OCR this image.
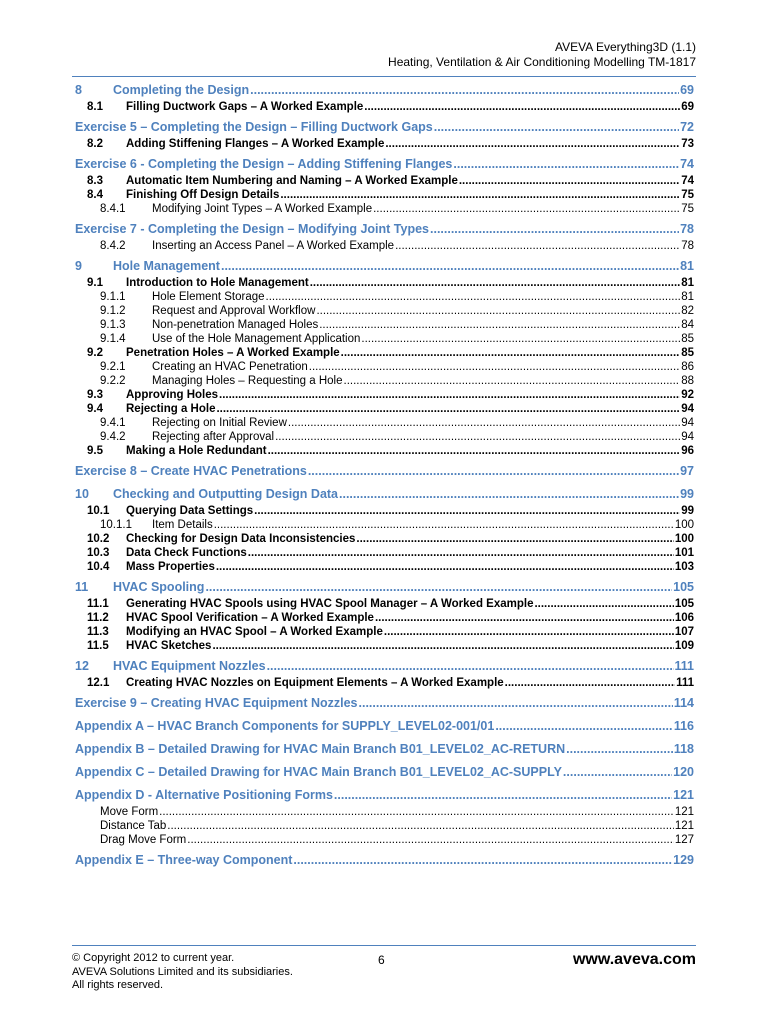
AVEVA Everything3D (1.1)
Heating, Ventilation & Air Conditioning Modelling TM-1817
8	Completing the Design .....	69
8.1	Filling Ductwork Gaps – A Worked Example .....	69
Exercise 5 – Completing the Design – Filling Ductwork Gaps .....	72
8.2	Adding Stiffening Flanges – A Worked Example .....	73
Exercise 6 - Completing the Design – Adding Stiffening Flanges .....	74
8.3	Automatic Item Numbering and Naming – A Worked Example .....	74
8.4	Finishing Off Design Details .....	75
8.4.1	Modifying Joint Types – A Worked Example .....	75
Exercise 7 - Completing the Design – Modifying Joint Types .....	78
8.4.2	Inserting an Access Panel – A Worked Example .....	78
9	Hole Management .....	81
9.1	Introduction to Hole Management .....	81
9.1.1	Hole Element Storage .....	81
9.1.2	Request and Approval Workflow .....	82
9.1.3	Non-penetration Managed Holes .....	84
9.1.4	Use of the Hole Management Application .....	85
9.2	Penetration Holes – A Worked Example .....	85
9.2.1	Creating an HVAC Penetration .....	86
9.2.2	Managing Holes – Requesting a Hole .....	88
9.3	Approving Holes .....	92
9.4	Rejecting a Hole .....	94
9.4.1	Rejecting on Initial Review .....	94
9.4.2	Rejecting after Approval .....	94
9.5	Making a Hole Redundant .....	96
Exercise 8 – Create HVAC Penetrations .....	97
10	Checking and Outputting Design Data .....	99
10.1	Querying Data Settings .....	99
10.1.1	Item Details .....	100
10.2	Checking for Design Data Inconsistencies .....	100
10.3	Data Check Functions .....	101
10.4	Mass Properties .....	103
11	HVAC Spooling .....	105
11.1	Generating HVAC Spools using HVAC Spool Manager – A Worked Example .....	105
11.2	HVAC Spool Verification – A Worked Example .....	106
11.3	Modifying an HVAC Spool – A Worked Example .....	107
11.5	HVAC Sketches .....	109
12	HVAC Equipment Nozzles .....	111
12.1	Creating HVAC Nozzles on Equipment Elements – A Worked Example .....	111
Exercise 9 – Creating HVAC Equipment Nozzles .....	114
Appendix A – HVAC Branch Components for SUPPLY_LEVEL02-001/01 .....	116
Appendix B – Detailed Drawing for HVAC Main Branch B01_LEVEL02_AC-RETURN .....	118
Appendix C – Detailed Drawing for HVAC Main Branch B01_LEVEL02_AC-SUPPLY .....	120
Appendix D - Alternative Positioning Forms .....	121
Move Form .....	121
Distance Tab .....	121
Drag Move Form .....	127
Appendix E – Three-way Component .....	129
© Copyright 2012 to current year.
AVEVA Solutions Limited and its subsidiaries.
All rights reserved.
6	www.aveva.com
